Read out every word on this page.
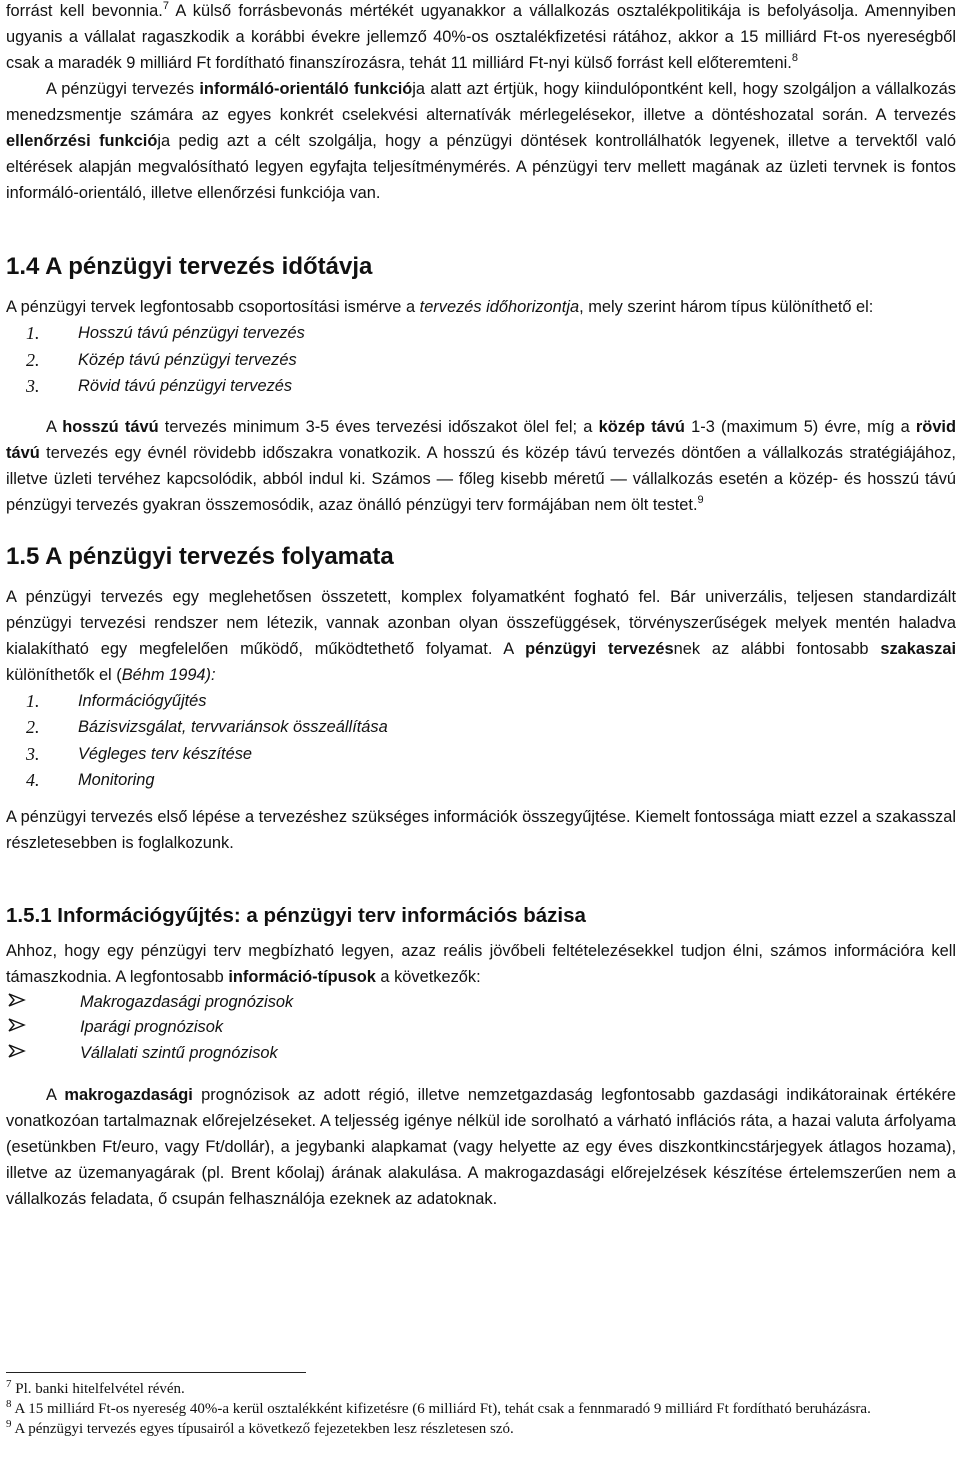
forrást kell bevonnia.$^7$ A külső forrásbevonás mértékét ugyanakkor a vállalkozás osztalékpolitikája is befolyásolja. Amennyiben ugyanis a vállalat ragaszkodik a korábbi évekre jellemző 40%-os osztalékfizetési rátához, akkor a 15 milliárd Ft-os nyereségből csak a maradék 9 milliárd Ft fordítható finanszírozásra, tehát 11 milliárd Ft-nyi külső forrást kell előteremteni.$^8$

A pénzügyi tervezés informáló-orientáló funkciója alatt azt értjük, hogy kiindulópontként kell, hogy szolgáljon a vállalkozás menedzsmentje számára az egyes konkrét cselekvési alternatívák mérlegelésekor, illetve a döntéshozatal során. A tervezés ellenőrzési funkciója pedig azt a célt szolgálja, hogy a pénzügyi döntések kontrollálhatók legyenek, illetve a tervektől való eltérések alapján megvalósítható legyen egyfajta teljesítménymérés. A pénzügyi terv mellett magának az üzleti tervnek is fontos informáló-orientáló, illetve ellenőrzési funkciója van.

1.4 A pénzügyi tervezés időtávja

A pénzügyi tervek legfontosabb csoportosítási ismérve a tervezés időhorizontja, mely szerint három típus különíthető el:

1.	Hosszú távú pénzügyi tervezés
2.	Közép távú pénzügyi tervezés
3.	Rövid távú pénzügyi tervezés

A hosszú távú tervezés minimum 3-5 éves tervezési időszakot ölel fel; a közép távú 1-3 (maximum 5) évre, míg a rövid távú tervezés egy évnél rövidebb időszakra vonatkozik. A hosszú és közép távú tervezés döntően a vállalkozás stratégiájához, illetve üzleti tervéhez kapcsolódik, abból indul ki. Számos — főleg kisebb méretű — vállalkozás esetén a közép- és hosszú távú pénzügyi tervezés gyakran összemosódik, azaz önálló pénzügyi terv formájában nem ölt testet.$^9$

1.5 A pénzügyi tervezés folyamata

A pénzügyi tervezés egy meglehetősen összetett, komplex folyamatként fogható fel. Bár univerzális, teljesen standardizált pénzügyi tervezési rendszer nem létezik, vannak azonban olyan összefüggések, törvényszerűségek melyek mentén haladva kialakítható egy megfelelően működő, működtethető folyamat. A pénzügyi tervezésnek az alábbi fontosabb szakaszai különíthetők el (Béhm 1994):

1.	Információgyűjtés
2.	Bázisvizsgálat, tervvariánsok összeállítása
3.	Végleges terv készítése
4.	Monitoring

A pénzügyi tervezés első lépése a tervezéshez szükséges információk összegyűjtése. Kiemelt fontossága miatt ezzel a szakasszal részletesebben is foglalkozunk.

1.5.1 Információgyűjtés: a pénzügyi terv információs bázisa

Ahhoz, hogy egy pénzügyi terv megbízható legyen, azaz reális jövőbeli feltételezésekkel tudjon élni, számos információra kell támaszkodnia. A legfontosabb információ-típusok a következők:

Makrogazdasági prognózisok
Iparági prognózisok
Vállalati szintű prognózisok

A makrogazdasági prognózisok az adott régió, illetve nemzetgazdaság legfontosabb gazdasági indikátorainak értékére vonatkozóan tartalmaznak előrejelzéseket. A teljesség igénye nélkül ide sorolható a várható inflációs ráta, a hazai valuta árfolyama (esetünkben Ft/euro, vagy Ft/dollár), a jegybanki alapkamat (vagy helyette az egy éves diszkontkincstárjegyek átlagos hozama), illetve az üzemanyagárak (pl. Brent kőolaj) árának alakulása. A makrogazdasági előrejelzések készítése értelemszerűen nem a vállalkozás feladata, ő csupán felhasználója ezeknek az adatoknak.

$^7$ Pl. banki hitelfelvétel révén.
$^8$ A 15 milliárd Ft-os nyereség 40%-a kerül osztalékként kifizetésre (6 milliárd Ft), tehát csak a fennmaradó 9 milliárd Ft fordítható beruházásra.
$^9$ A pénzügyi tervezés egyes típusairól a következő fejezetekben lesz részletesen szó.
